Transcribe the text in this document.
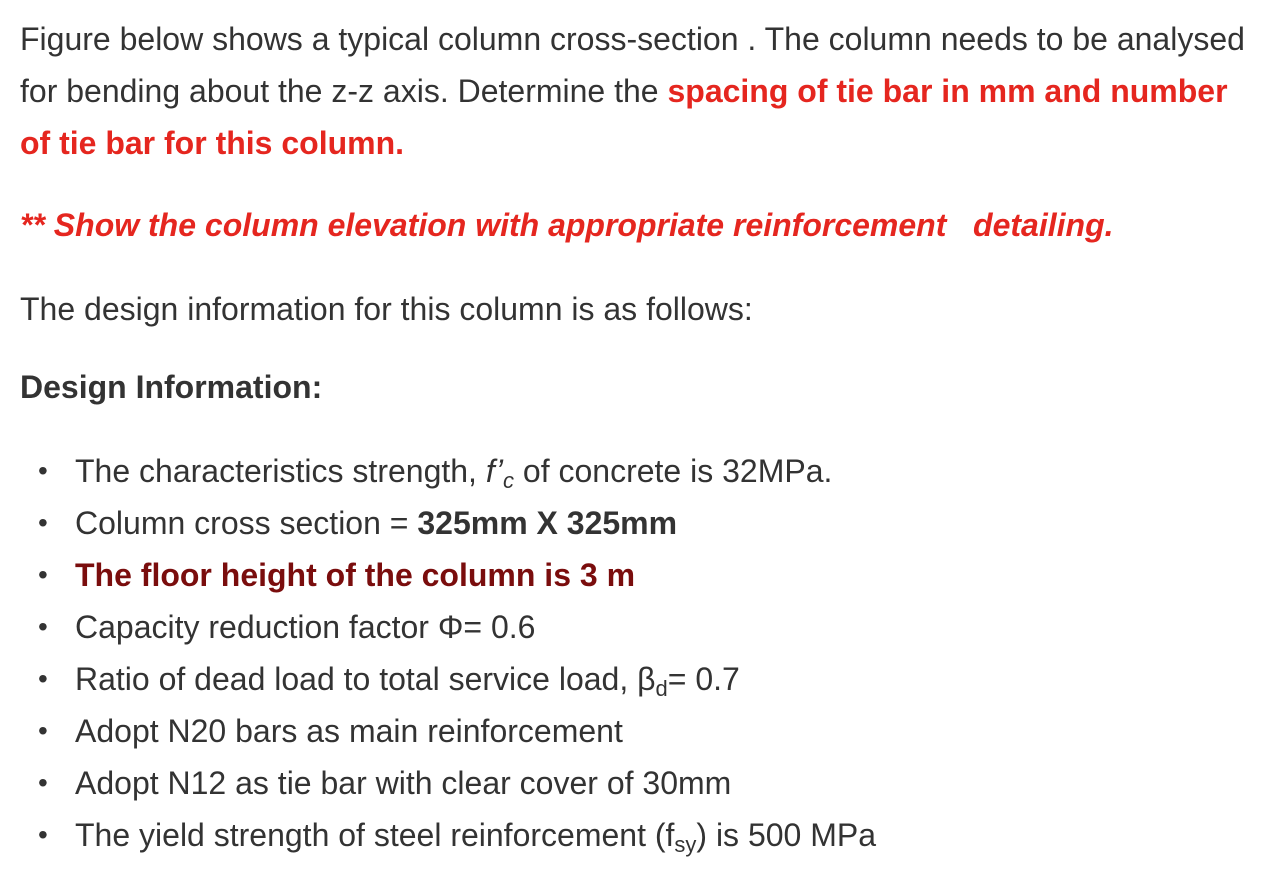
Figure below shows a typical column cross-section . The column needs to be analysed for bending about the z-z axis. Determine the spacing of tie bar in mm and number of tie bar for this column.

** Show the column elevation with appropriate reinforcement   detailing.

The design information for this column is as follows:

Design Information:

• The characteristics strength, $f’_c$ of concrete is 32MPa.
• Column cross section = 325mm X 325mm
• The floor height of the column is 3 m
• Capacity reduction factor Φ= 0.6
• Ratio of dead load to total service load, $\beta_d= 0.7$
• Adopt N20 bars as main reinforcement
• Adopt N12 as tie bar with clear cover of 30mm
• The yield strength of steel reinforcement $(f_{sy})$ is 500 MPa
